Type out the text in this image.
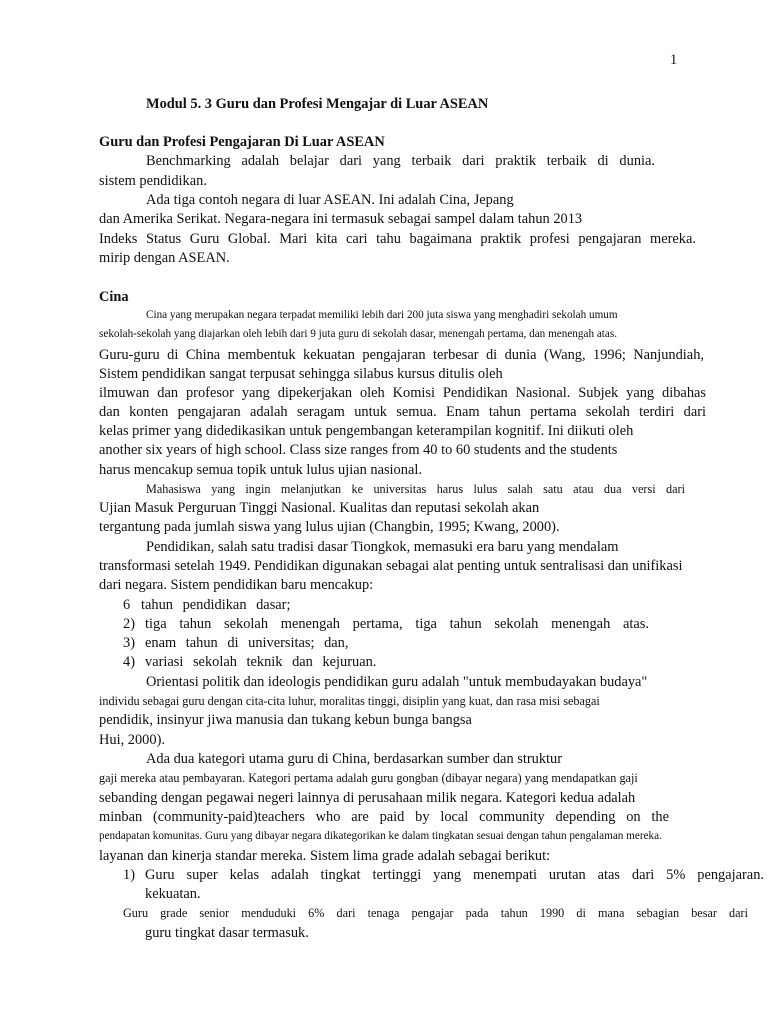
1
Modul 5. 3 Guru dan Profesi Mengajar di Luar ASEAN
Guru dan Profesi Pengajaran Di Luar ASEAN
Benchmarking adalah belajar dari yang terbaik dari praktik terbaik di dunia.
sistem pendidikan.
Ada tiga contoh negara di luar ASEAN. Ini adalah Cina, Jepang
dan Amerika Serikat. Negara-negara ini termasuk sebagai sampel dalam tahun 2013
Indeks Status Guru Global. Mari kita cari tahu bagaimana praktik profesi pengajaran mereka.
mirip dengan ASEAN.
Cina
Cina yang merupakan negara terpadat memiliki lebih dari 200 juta siswa yang menghadiri sekolah umum
sekolah-sekolah yang diajarkan oleh lebih dari 9 juta guru di sekolah dasar, menengah pertama, dan menengah atas.
Guru-guru di China membentuk kekuatan pengajaran terbesar di dunia (Wang, 1996; Nanjundiah,
Sistem pendidikan sangat terpusat sehingga silabus kursus ditulis oleh
ilmuwan dan profesor yang dipekerjakan oleh Komisi Pendidikan Nasional. Subjek yang dibahas
dan konten pengajaran adalah seragam untuk semua. Enam tahun pertama sekolah terdiri dari
kelas primer yang didedikasikan untuk pengembangan keterampilan kognitif. Ini diikuti oleh
another six years of high school. Class size ranges from 40 to 60 students and the students
harus mencakup semua topik untuk lulus ujian nasional.
Mahasiswa yang ingin melanjutkan ke universitas harus lulus salah satu atau dua versi dari
Ujian Masuk Perguruan Tinggi Nasional. Kualitas dan reputasi sekolah akan
tergantung pada jumlah siswa yang lulus ujian (Changbin, 1995; Kwang, 2000).
Pendidikan, salah satu tradisi dasar Tiongkok, memasuki era baru yang mendalam
transformasi setelah 1949. Pendidikan digunakan sebagai alat penting untuk sentralisasi dan unifikasi
dari negara. Sistem pendidikan baru mencakup:
6 tahun pendidikan dasar;
2) tiga tahun sekolah menengah pertama, tiga tahun sekolah menengah atas.
3) enam tahun di universitas; dan,
4) variasi sekolah teknik dan kejuruan.
Orientasi politik dan ideologis pendidikan guru adalah "untuk membudayakan budaya"
individu sebagai guru dengan cita-cita luhur, moralitas tinggi, disiplin yang kuat, dan rasa misi sebagai
pendidik, insinyur jiwa manusia dan tukang kebun bunga bangsa
Hui, 2000).
Ada dua kategori utama guru di China, berdasarkan sumber dan struktur
gaji mereka atau pembayaran. Kategori pertama adalah guru gongban (dibayar negara) yang mendapatkan gaji
sebanding dengan pegawai negeri lainnya di perusahaan milik negara. Kategori kedua adalah
minban (community-paid)teachers who are paid by local community depending on the
pendapatan komunitas. Guru yang dibayar negara dikategorikan ke dalam tingkatan sesuai dengan tahun pengalaman mereka.
layanan dan kinerja standar mereka. Sistem lima grade adalah sebagai berikut:
1) Guru super kelas adalah tingkat tertinggi yang menempati urutan atas dari 5% pengajaran.
kekuatan.
Guru grade senior menduduki 6% dari tenaga pengajar pada tahun 1990 di mana sebagian besar dari
guru tingkat dasar termasuk.
